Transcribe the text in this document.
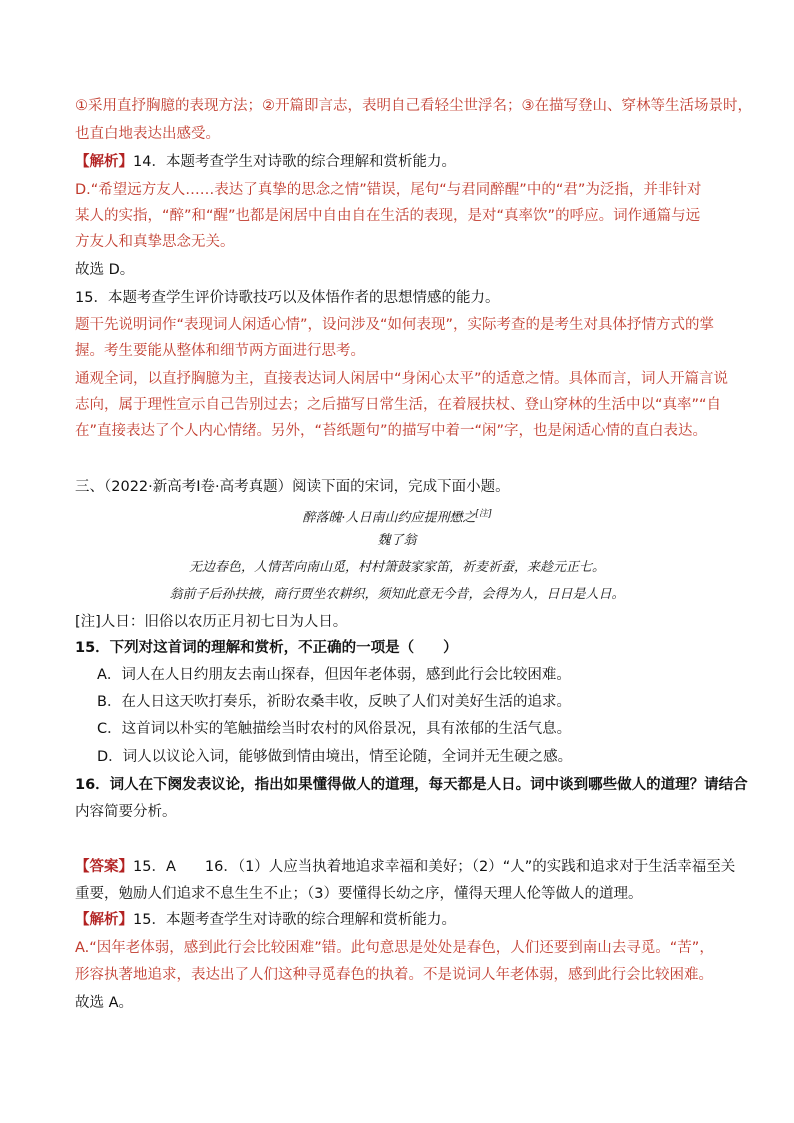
①采用直抒胸臆的表现方法；②开篇即言志，表明自己看轻尘世浮名；③在描写登山、穿林等生活场景时，
也直白地表达出感受。
【解析】14．本题考查学生对诗歌的综合理解和赏析能力。
D.“希望远方友人……表达了真挚的思念之情”错误，尾句“与君同醉醒”中的“君”为泛指，并非针对
某人的实指，“醉”和“醒”也都是闲居中自由自在生活的表现，是对“真率饮”的呼应。词作通篇与远
方友人和真挚思念无关。
故选 D。
15．本题考查学生评价诗歌技巧以及体悟作者的思想情感的能力。
题干先说明词作“表现词人闲适心情”，设问涉及“如何表现”，实际考查的是考生对具体抒情方式的掌
握。考生要能从整体和细节两方面进行思考。
通观全词，以直抒胸臆为主，直接表达词人闲居中“身闲心太平”的适意之情。具体而言，词人开篇言说
志向，属于理性宣示自己告别过去；之后描写日常生活，在着屐扶杖、登山穿林的生活中以“真率”“自
在”直接表达了个人内心情绪。另外，“苔纸题句”的描写中着一“闲”字，也是闲适心情的直白表达。
三、（2022·新高考Ⅰ卷·高考真题）阅读下面的宋词，完成下面小题。
醉落魄·人日南山约应提刑懋之[注]
魏了翁
无边春色，人情苦向南山觅，村村箫鼓家家笛，祈麦祈蚕，来趁元正七。
翁前子后孙扶掖，商行贾坐农耕织，须知此意无今昔，会得为人，日日是人日。
[注]人日：旧俗以农历正月初七日为人日。
15．下列对这首词的理解和赏析，不正确的一项是（　　）
A．词人在人日约朋友去南山探春，但因年老体弱，感到此行会比较困难。
B．在人日这天吹打奏乐，祈盼农桑丰收，反映了人们对美好生活的追求。
C．这首词以朴实的笔触描绘当时农村的风俗景况，具有浓郁的生活气息。
D．词人以议论入词，能够做到情由境出，情至论随，全词并无生硬之感。
16．词人在下阕发表议论，指出如果懂得做人的道理，每天都是人日。词中谈到哪些做人的道理？请结合
内容简要分析。
【答案】15．A　　16．（1）人应当执着地追求幸福和美好；（2）“人”的实践和追求对于生活幸福至关
重要，勉励人们追求不息生生不止；（3）要懂得长幼之序，懂得天理人伦等做人的道理。
【解析】15．本题考查学生对诗歌的综合理解和赏析能力。
A.“因年老体弱，感到此行会比较困难”错。此句意思是处处是春色，人们还要到南山去寻觅。“苦”，
形容执著地追求，表达出了人们这种寻觅春色的执着。不是说词人年老体弱，感到此行会比较困难。
故选 A。
